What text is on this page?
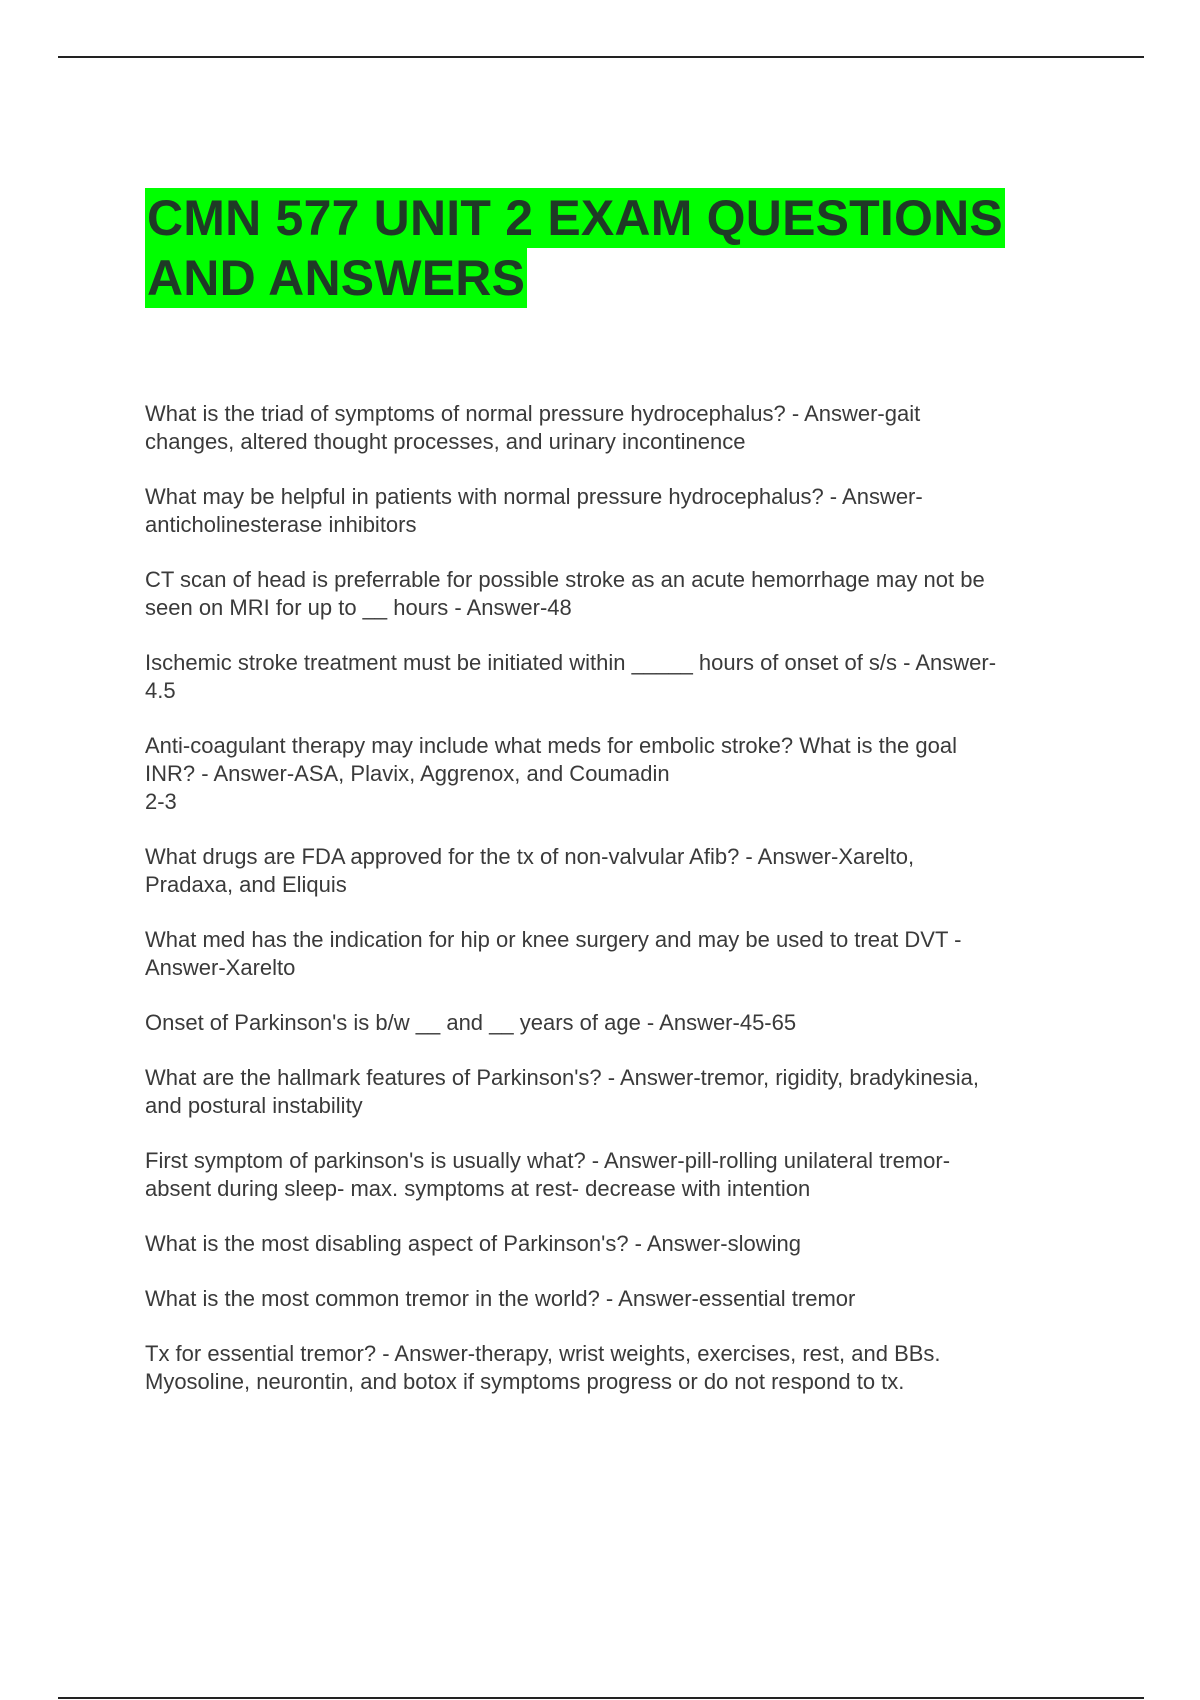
CMN 577 UNIT 2 EXAM QUESTIONS
AND ANSWERS
What is the triad of symptoms of normal pressure hydrocephalus? - Answer-gait
changes, altered thought processes, and urinary incontinence
What may be helpful in patients with normal pressure hydrocephalus? - Answer-
anticholinesterase inhibitors
CT scan of head is preferrable for possible stroke as an acute hemorrhage may not be
seen on MRI for up to __ hours - Answer-48
Ischemic stroke treatment must be initiated within _____ hours of onset of s/s - Answer-
4.5
Anti-coagulant therapy may include what meds for embolic stroke? What is the goal
INR? - Answer-ASA, Plavix, Aggrenox, and Coumadin
2-3
What drugs are FDA approved for the tx of non-valvular Afib? - Answer-Xarelto,
Pradaxa, and Eliquis
What med has the indication for hip or knee surgery and may be used to treat DVT -
Answer-Xarelto
Onset of Parkinson's is b/w __ and __ years of age - Answer-45-65
What are the hallmark features of Parkinson's? - Answer-tremor, rigidity, bradykinesia,
and postural instability
First symptom of parkinson's is usually what? - Answer-pill-rolling unilateral tremor-
absent during sleep- max. symptoms at rest- decrease with intention
What is the most disabling aspect of Parkinson's? - Answer-slowing
What is the most common tremor in the world? - Answer-essential tremor
Tx for essential tremor? - Answer-therapy, wrist weights, exercises, rest, and BBs.
Myosoline, neurontin, and botox if symptoms progress or do not respond to tx.
